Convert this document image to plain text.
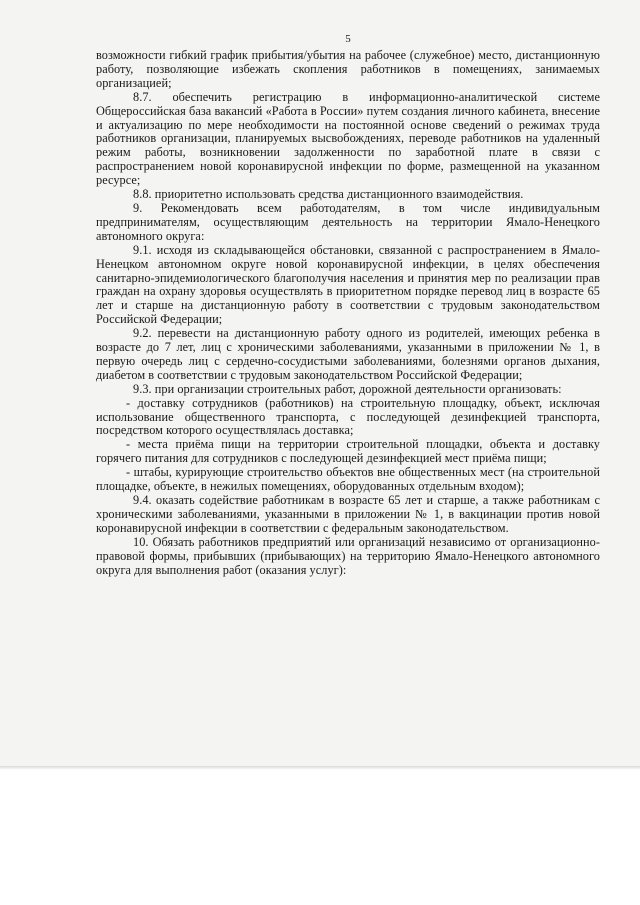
5

возможности гибкий график прибытия/убытия на рабочее (служебное) место, дистанционную работу, позволяющие избежать скопления работников в помещениях, занимаемых организацией;

8.7. обеспечить регистрацию в информационно-аналитической системе Общероссийская база вакансий «Работа в России» путем создания личного кабинета, внесение и актуализацию по мере необходимости на постоянной основе сведений о режимах труда работников организации, планируемых высвобождениях, переводе работников на удаленный режим работы, возникновении задолженности по заработной плате в связи с распространением новой коронавирусной инфекции по форме, размещенной на указанном ресурсе;

8.8. приоритетно использовать средства дистанционного взаимодействия.

9. Рекомендовать всем работодателям, в том числе индивидуальным предпринимателям, осуществляющим деятельность на территории Ямало-Ненецкого автономного округа:

9.1. исходя из складывающейся обстановки, связанной с распространением в Ямало-Ненецком автономном округе новой коронавирусной инфекции, в целях обеспечения санитарно-эпидемиологического благополучия населения и принятия мер по реализации прав граждан на охрану здоровья осуществлять в приоритетном порядке перевод лиц в возрасте 65 лет и старше на дистанционную работу в соответствии с трудовым законодательством Российской Федерации;

9.2. перевести на дистанционную работу одного из родителей, имеющих ребенка в возрасте до 7 лет, лиц с хроническими заболеваниями, указанными в приложении № 1, в первую очередь лиц с сердечно-сосудистыми заболеваниями, болезнями органов дыхания, диабетом в соответствии с трудовым законодательством Российской Федерации;

9.3. при организации строительных работ, дорожной деятельности организовать:

- доставку сотрудников (работников) на строительную площадку, объект, исключая использование общественного транспорта, с последующей дезинфекцией транспорта, посредством которого осуществлялась доставка;

- места приёма пищи на территории строительной площадки, объекта и доставку горячего питания для сотрудников с последующей дезинфекцией мест приёма пищи;

- штабы, курирующие строительство объектов вне общественных мест (на строительной площадке, объекте, в нежилых помещениях, оборудованных отдельным входом);

9.4. оказать содействие работникам в возрасте 65 лет и старше, а также работникам с хроническими заболеваниями, указанными в приложении № 1, в вакцинации против новой коронавирусной инфекции в соответствии с федеральным законодательством.

10. Обязать работников предприятий или организаций независимо от организационно-правовой формы, прибывших (прибывающих) на территорию Ямало-Ненецкого автономного округа для выполнения работ (оказания услуг):
